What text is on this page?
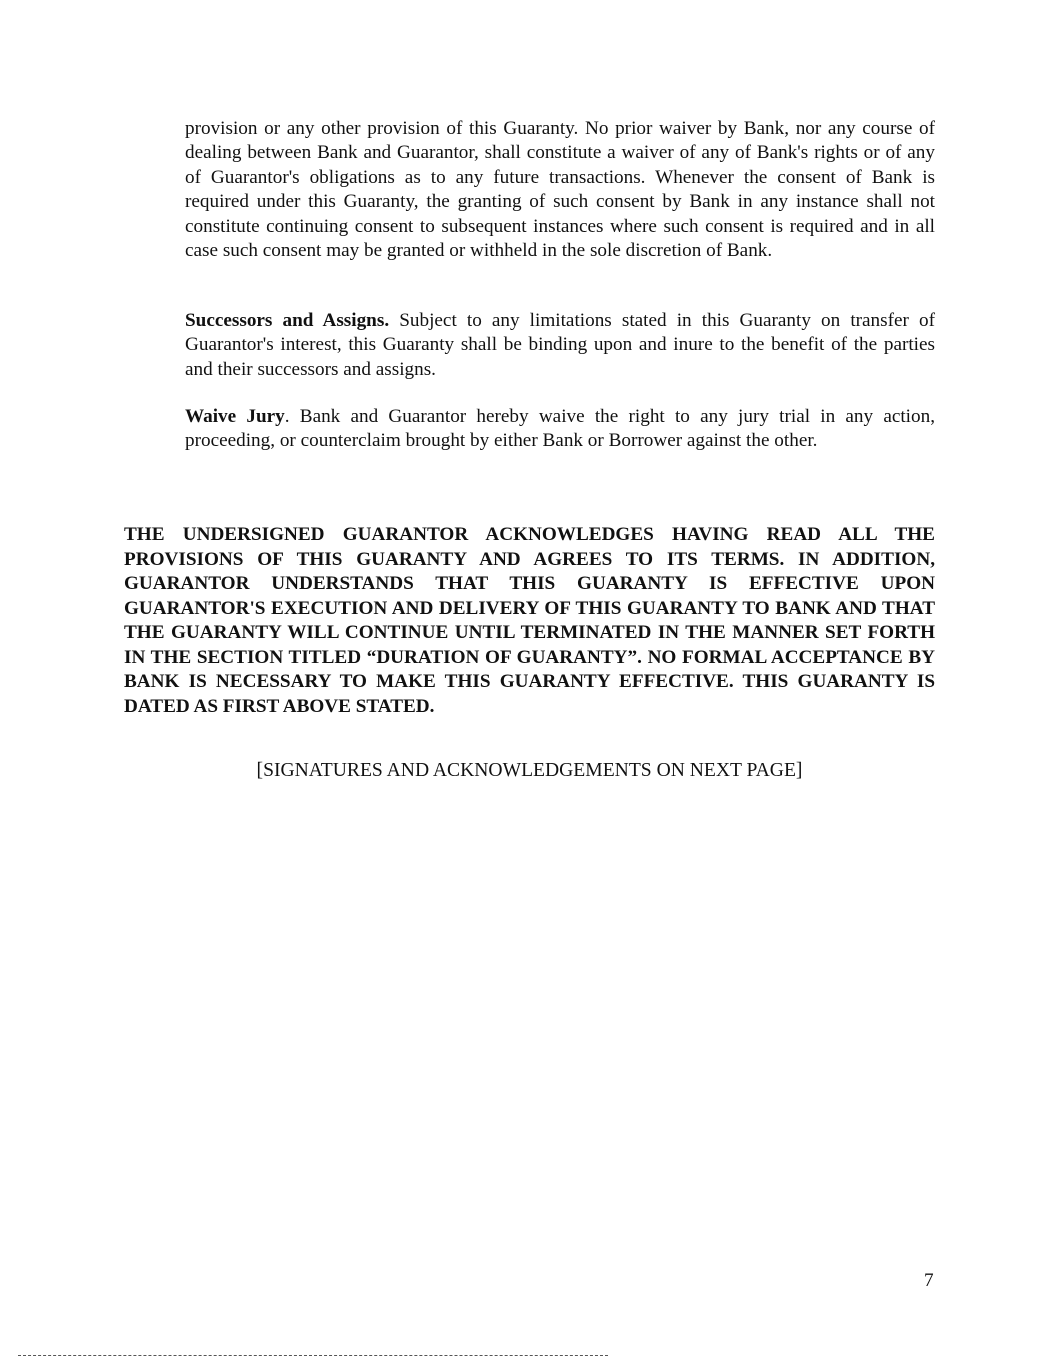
provision or any other provision of this Guaranty. No prior waiver by Bank, nor any course of dealing between Bank and Guarantor, shall constitute a waiver of any of Bank's rights or of any of Guarantor's obligations as to any future transactions. Whenever the consent of Bank is required under this Guaranty, the granting of such consent by Bank in any instance shall not constitute continuing consent to subsequent instances where such consent is required and in all case such consent may be granted or withheld in the sole discretion of Bank.

Successors and Assigns. Subject to any limitations stated in this Guaranty on transfer of Guarantor's interest, this Guaranty shall be binding upon and inure to the benefit of the parties and their successors and assigns.

Waive Jury. Bank and Guarantor hereby waive the right to any jury trial in any action, proceeding, or counterclaim brought by either Bank or Borrower against the other.

THE UNDERSIGNED GUARANTOR ACKNOWLEDGES HAVING READ ALL THE PROVISIONS OF THIS GUARANTY AND AGREES TO ITS TERMS. IN ADDITION, GUARANTOR UNDERSTANDS THAT THIS GUARANTY IS EFFECTIVE UPON GUARANTOR'S EXECUTION AND DELIVERY OF THIS GUARANTY TO BANK AND THAT THE GUARANTY WILL CONTINUE UNTIL TERMINATED IN THE MANNER SET FORTH IN THE SECTION TITLED “DURATION OF GUARANTY”. NO FORMAL ACCEPTANCE BY BANK IS NECESSARY TO MAKE THIS GUARANTY EFFECTIVE. THIS GUARANTY IS DATED AS FIRST ABOVE STATED.

[SIGNATURES AND ACKNOWLEDGEMENTS ON NEXT PAGE]

7
